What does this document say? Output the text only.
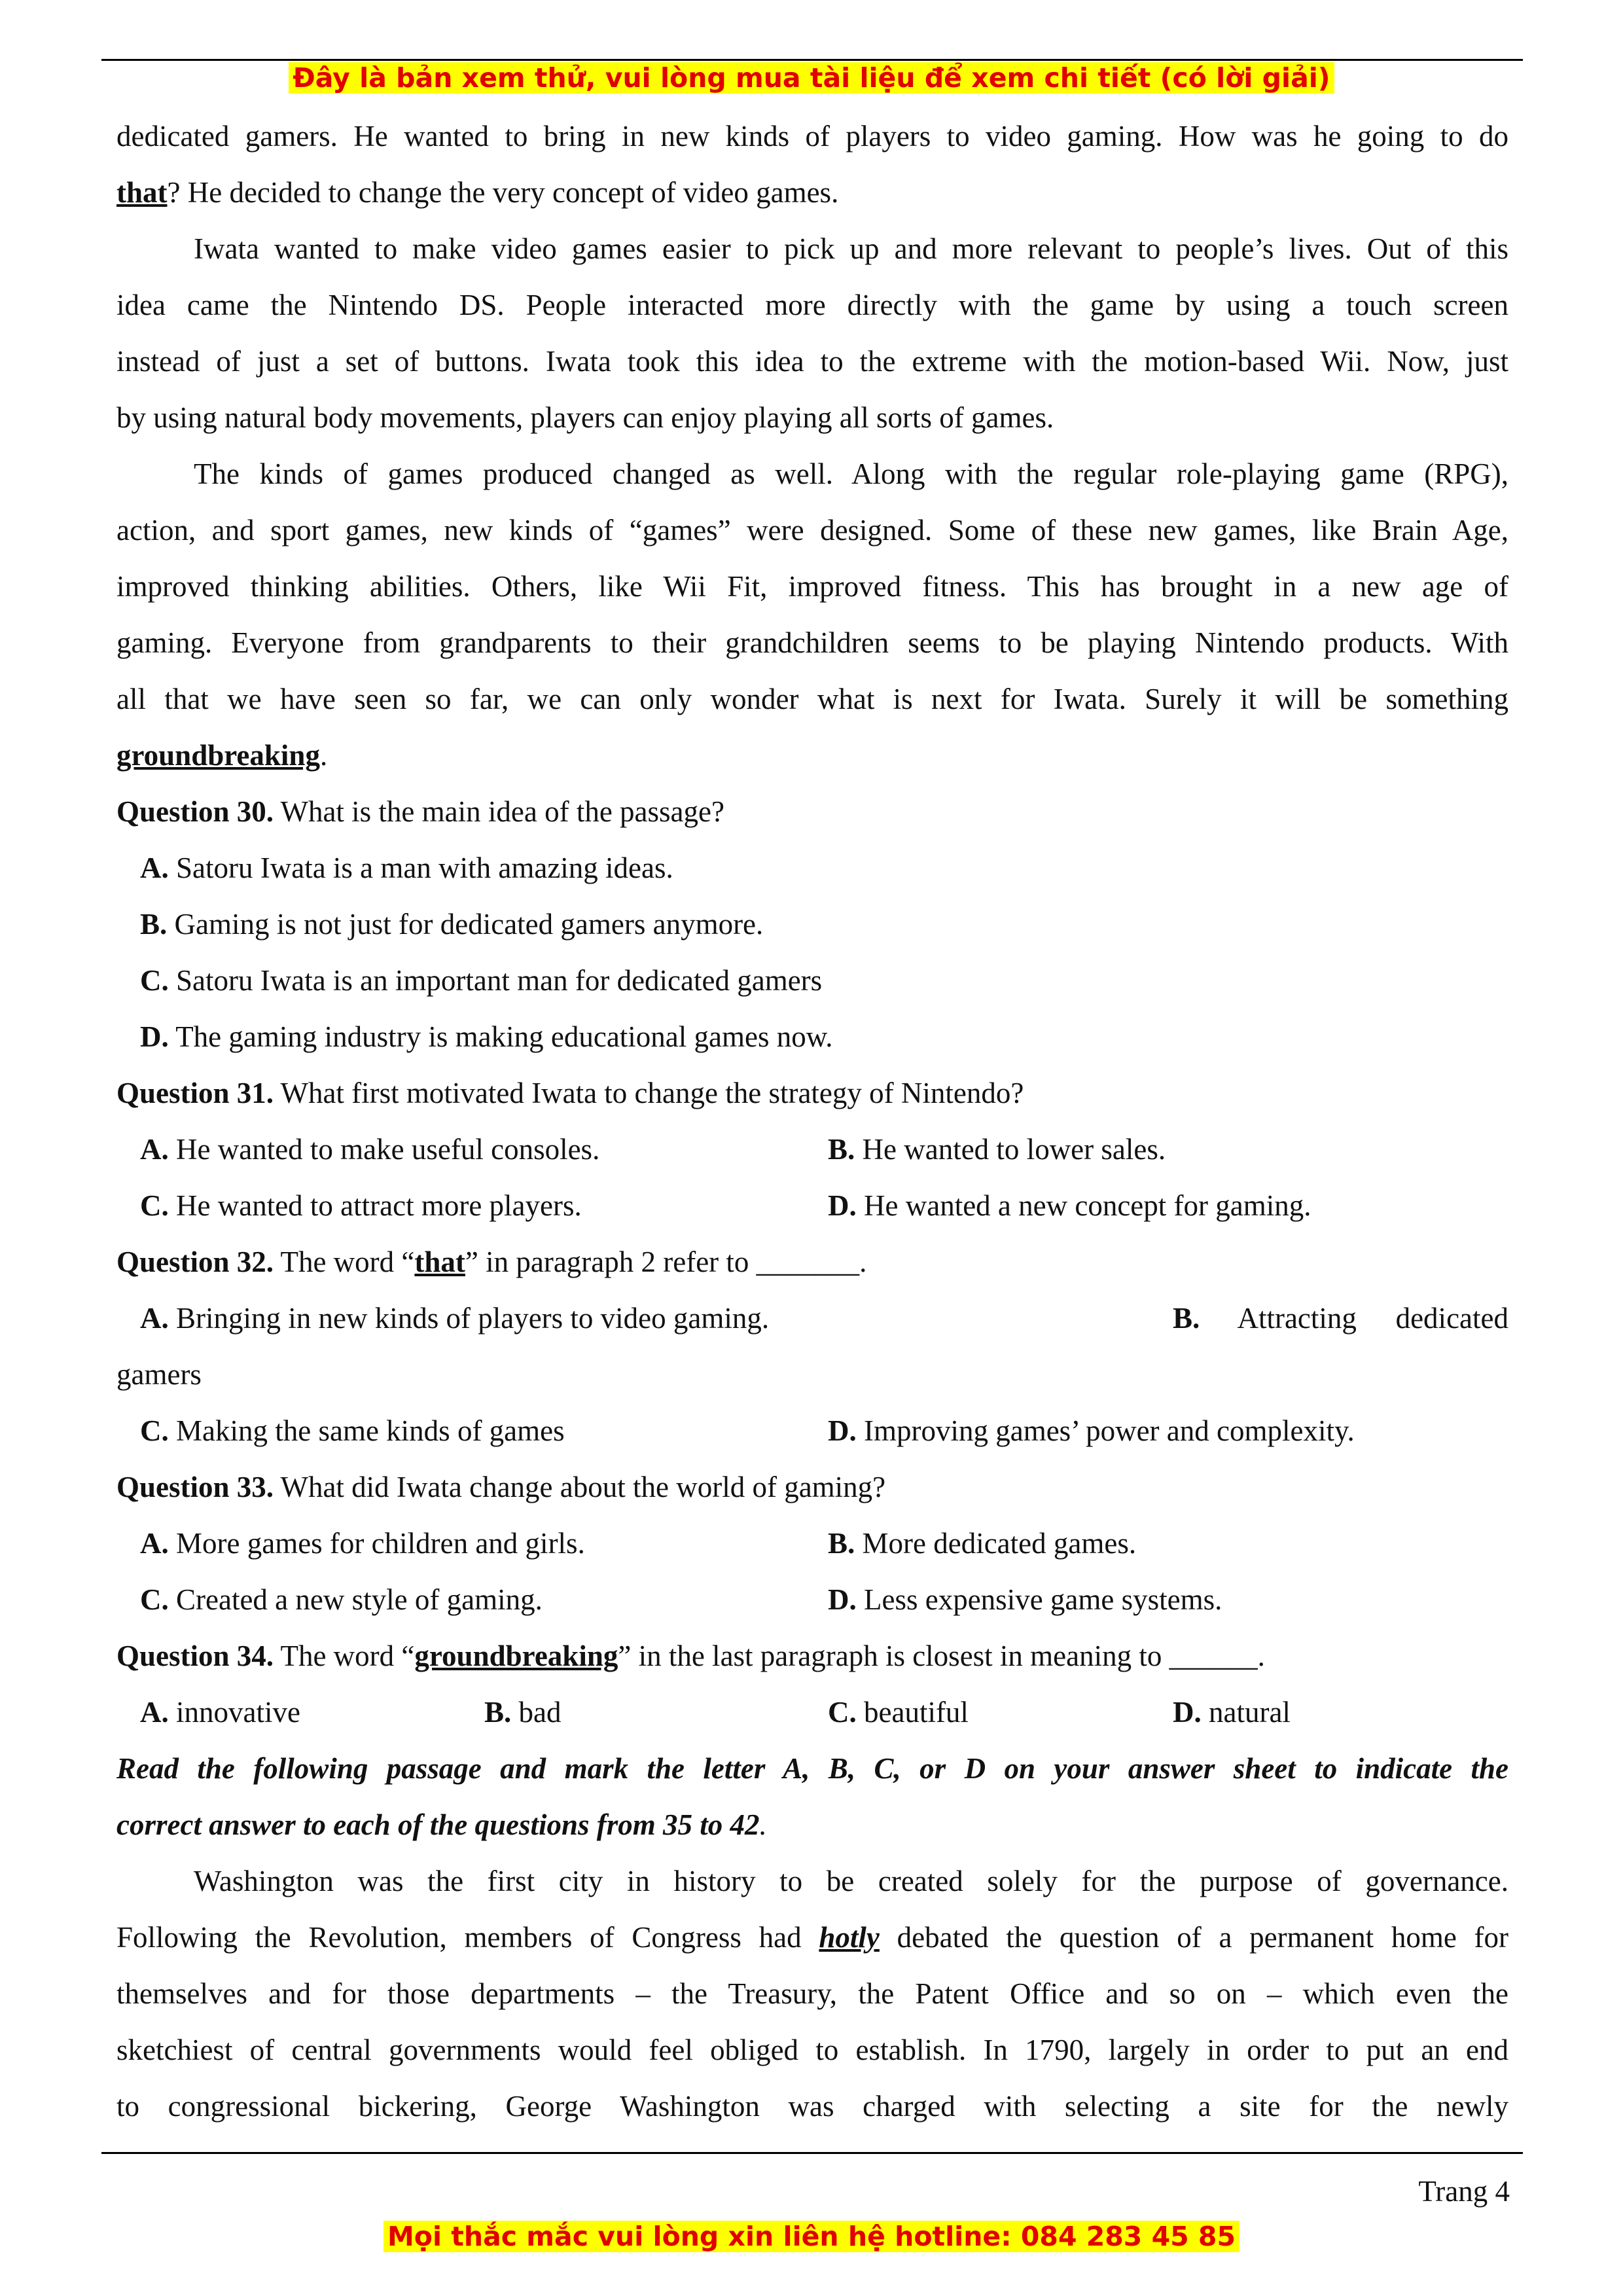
Đây là bản xem thử, vui lòng mua tài liệu để xem chi tiết (có lời giải)
dedicated gamers. He wanted to bring in new kinds of players to video gaming. How was he going to do
that? He decided to change the very concept of video games.
Iwata wanted to make video games easier to pick up and more relevant to people’s lives. Out of this
idea came the Nintendo DS. People interacted more directly with the game by using a touch screen
instead of just a set of buttons. Iwata took this idea to the extreme with the motion-based Wii. Now, just
by using natural body movements, players can enjoy playing all sorts of games.
The kinds of games produced changed as well. Along with the regular role-playing game (RPG),
action, and sport games, new kinds of “games” were designed. Some of these new games, like Brain Age,
improved thinking abilities. Others, like Wii Fit, improved fitness. This has brought in a new age of
gaming. Everyone from grandparents to their grandchildren seems to be playing Nintendo products. With
all that we have seen so far, we can only wonder what is next for Iwata. Surely it will be something
groundbreaking.
Question 30. What is the main idea of the passage?
A. Satoru Iwata is a man with amazing ideas.
B. Gaming is not just for dedicated gamers anymore.
C. Satoru Iwata is an important man for dedicated gamers
D. The gaming industry is making educational games now.
Question 31. What first motivated Iwata to change the strategy of Nintendo?
A. He wanted to make useful consoles.	B. He wanted to lower sales.
C. He wanted to attract more players.	D. He wanted a new concept for gaming.
Question 32. The word “that” in paragraph 2 refer to _______.
A. Bringing in new kinds of players to video gaming.	B. Attracting dedicated
gamers
C. Making the same kinds of games	D. Improving games’ power and complexity.
Question 33. What did Iwata change about the world of gaming?
A. More games for children and girls.	B. More dedicated games.
C. Created a new style of gaming.	D. Less expensive game systems.
Question 34. The word “groundbreaking” in the last paragraph is closest in meaning to ______.
A. innovative	B. bad	C. beautiful	D. natural
Read the following passage and mark the letter A, B, C, or D on your answer sheet to indicate the
correct answer to each of the questions from 35 to 42.
Washington was the first city in history to be created solely for the purpose of governance.
Following the Revolution, members of Congress had hotly debated the question of a permanent home for
themselves and for those departments – the Treasury, the Patent Office and so on – which even the
sketchiest of central governments would feel obliged to establish. In 1790, largely in order to put an end
to congressional bickering, George Washington was charged with selecting a site for the newly
Trang 4
Mọi thắc mắc vui lòng xin liên hệ hotline: 084 283 45 85
